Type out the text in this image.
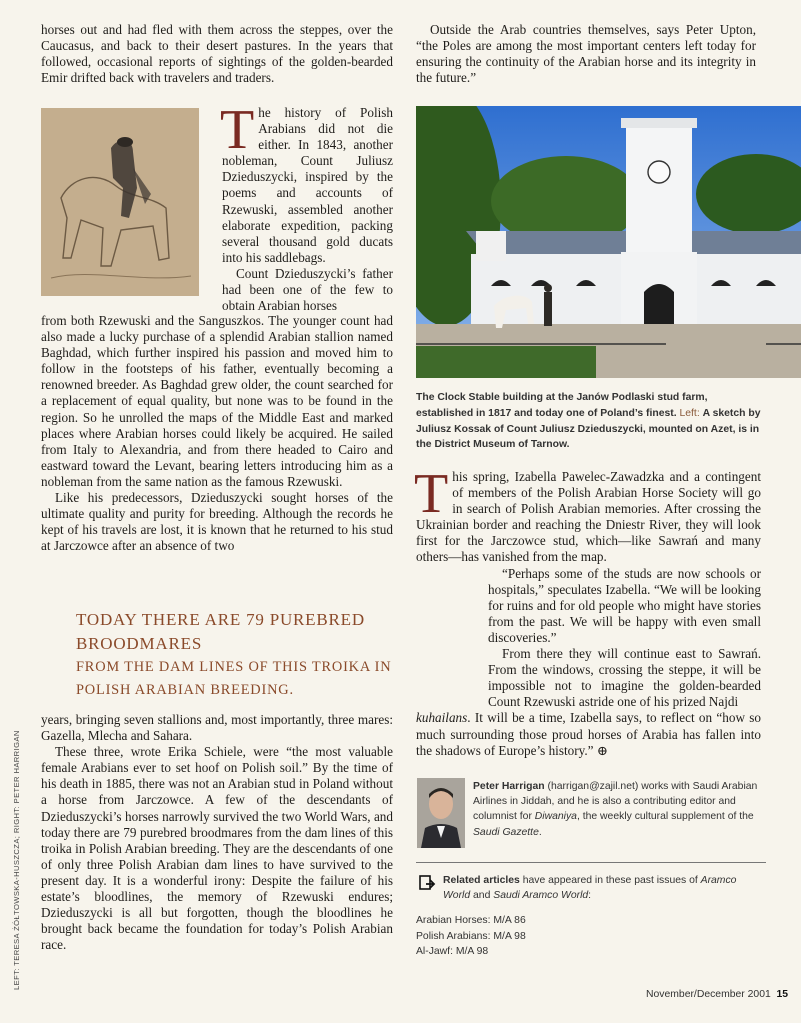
horses out and had fled with them across the steppes, over the Caucasus, and back to their desert pastures. In the years that followed, occasional reports of sightings of the golden-bearded Emir drifted back with travelers and traders.

The history of Polish Arabians did not die either. In 1843, another nobleman, Count Juliusz Dzieduszycki, inspired by the poems and accounts of Rzewuski, assembled another elaborate expedition, packing several thousand gold ducats into his saddlebags.

Count Dzieduszycki’s father had been one of the few to obtain Arabian horses

from both Rzewuski and the Sanguszkos. The younger count had also made a lucky purchase of a splendid Arabian stallion named Baghdad, which further inspired his passion and moved him to follow in the footsteps of his father, eventually becoming a renowned breeder. As Baghdad grew older, the count searched for a replacement of equal quality, but none was to be found in the region. So he unrolled the maps of the Middle East and marked places where Arabian horses could likely be acquired. He sailed from Italy to Alexandria, and from there headed to Cairo and eastward toward the Levant, bearing letters introducing him as a nobleman from the same nation as the famous Rzewuski.

Like his predecessors, Dzieduszycki sought horses of the ultimate quality and purity for breeding. Although the records he kept of his travels are lost, it is known that he returned to his stud at Jarczowce after an absence of two

TODAY THERE ARE 79 PUREBRED BROODMARES
FROM THE DAM LINES OF THIS TROIKA IN
POLISH ARABIAN BREEDING.

years, bringing seven stallions and, most importantly, three mares: Gazella, Mlecha and Sahara.

These three, wrote Erika Schiele, were “the most valuable female Arabians ever to set hoof on Polish soil.” By the time of his death in 1885, there was not an Arabian stud in Poland without a horse from Jarczowce. A few of the descendants of Dzieduszycki’s horses narrowly survived the two World Wars, and today there are 79 purebred broodmares from the dam lines of this troika in Polish Arabian breeding. They are the descendants of one of only three Polish Arabian dam lines to have survived to the present day. It is a wonderful irony: Despite the failure of his estate’s bloodlines, the memory of Rzewuski endures; Dzieduszycki is all but forgotten, though the bloodlines he brought back became the foundation for today’s Polish Arabian race.

Outside the Arab countries themselves, says Peter Upton, “the Poles are among the most important centers left today for ensuring the continuity of the Arabian horse and its integrity in the future.”

The Clock Stable building at the Janów Podlaski stud farm, established in 1817 and today one of Poland’s finest. Left: A sketch by Juliusz Kossak of Count Juliusz Dzieduszycki, mounted on Azet, is in the District Museum of Tarnow.

This spring, Izabella Pawelec-Zawadzka and a contingent of members of the Polish Arabian Horse Society will go in search of Polish Arabian memories. After crossing the Ukrainian border and reaching the Dniestr River, they will look first for the Jarczowce stud, which—like Sawrań and many others—has vanished from the map.

“Perhaps some of the studs are now schools or hospitals,” speculates Izabella. “We will be looking for ruins and for old people who might have stories from the past. We will be happy with even small discoveries.”

From there they will continue east to Sawrań. From the windows, crossing the steppe, it will be impossible not to imagine the golden-bearded Count Rzewuski astride one of his prized Najdi

kuhailans. It will be a time, Izabella says, to reflect on “how so much surrounding those proud horses of Arabia has fallen into the shadows of Europe’s history.” ⊕

Peter Harrigan (harrigan@zajil.net) works with Saudi Arabian Airlines in Jiddah, and he is also a contributing editor and columnist for Diwaniya, the weekly cultural supplement of the Saudi Gazette.
Related articles have appeared in these past issues of Aramco World and Saudi Aramco World:
Arabian Horses: M/A 86
Polish Arabians: M/A 98
Al-Jawf: M/A 98
November/December 2001 15
LEFT: TERESA ŻÓŁTOWSKA-HUSZCZA; RIGHT: PETER HARRIGAN
